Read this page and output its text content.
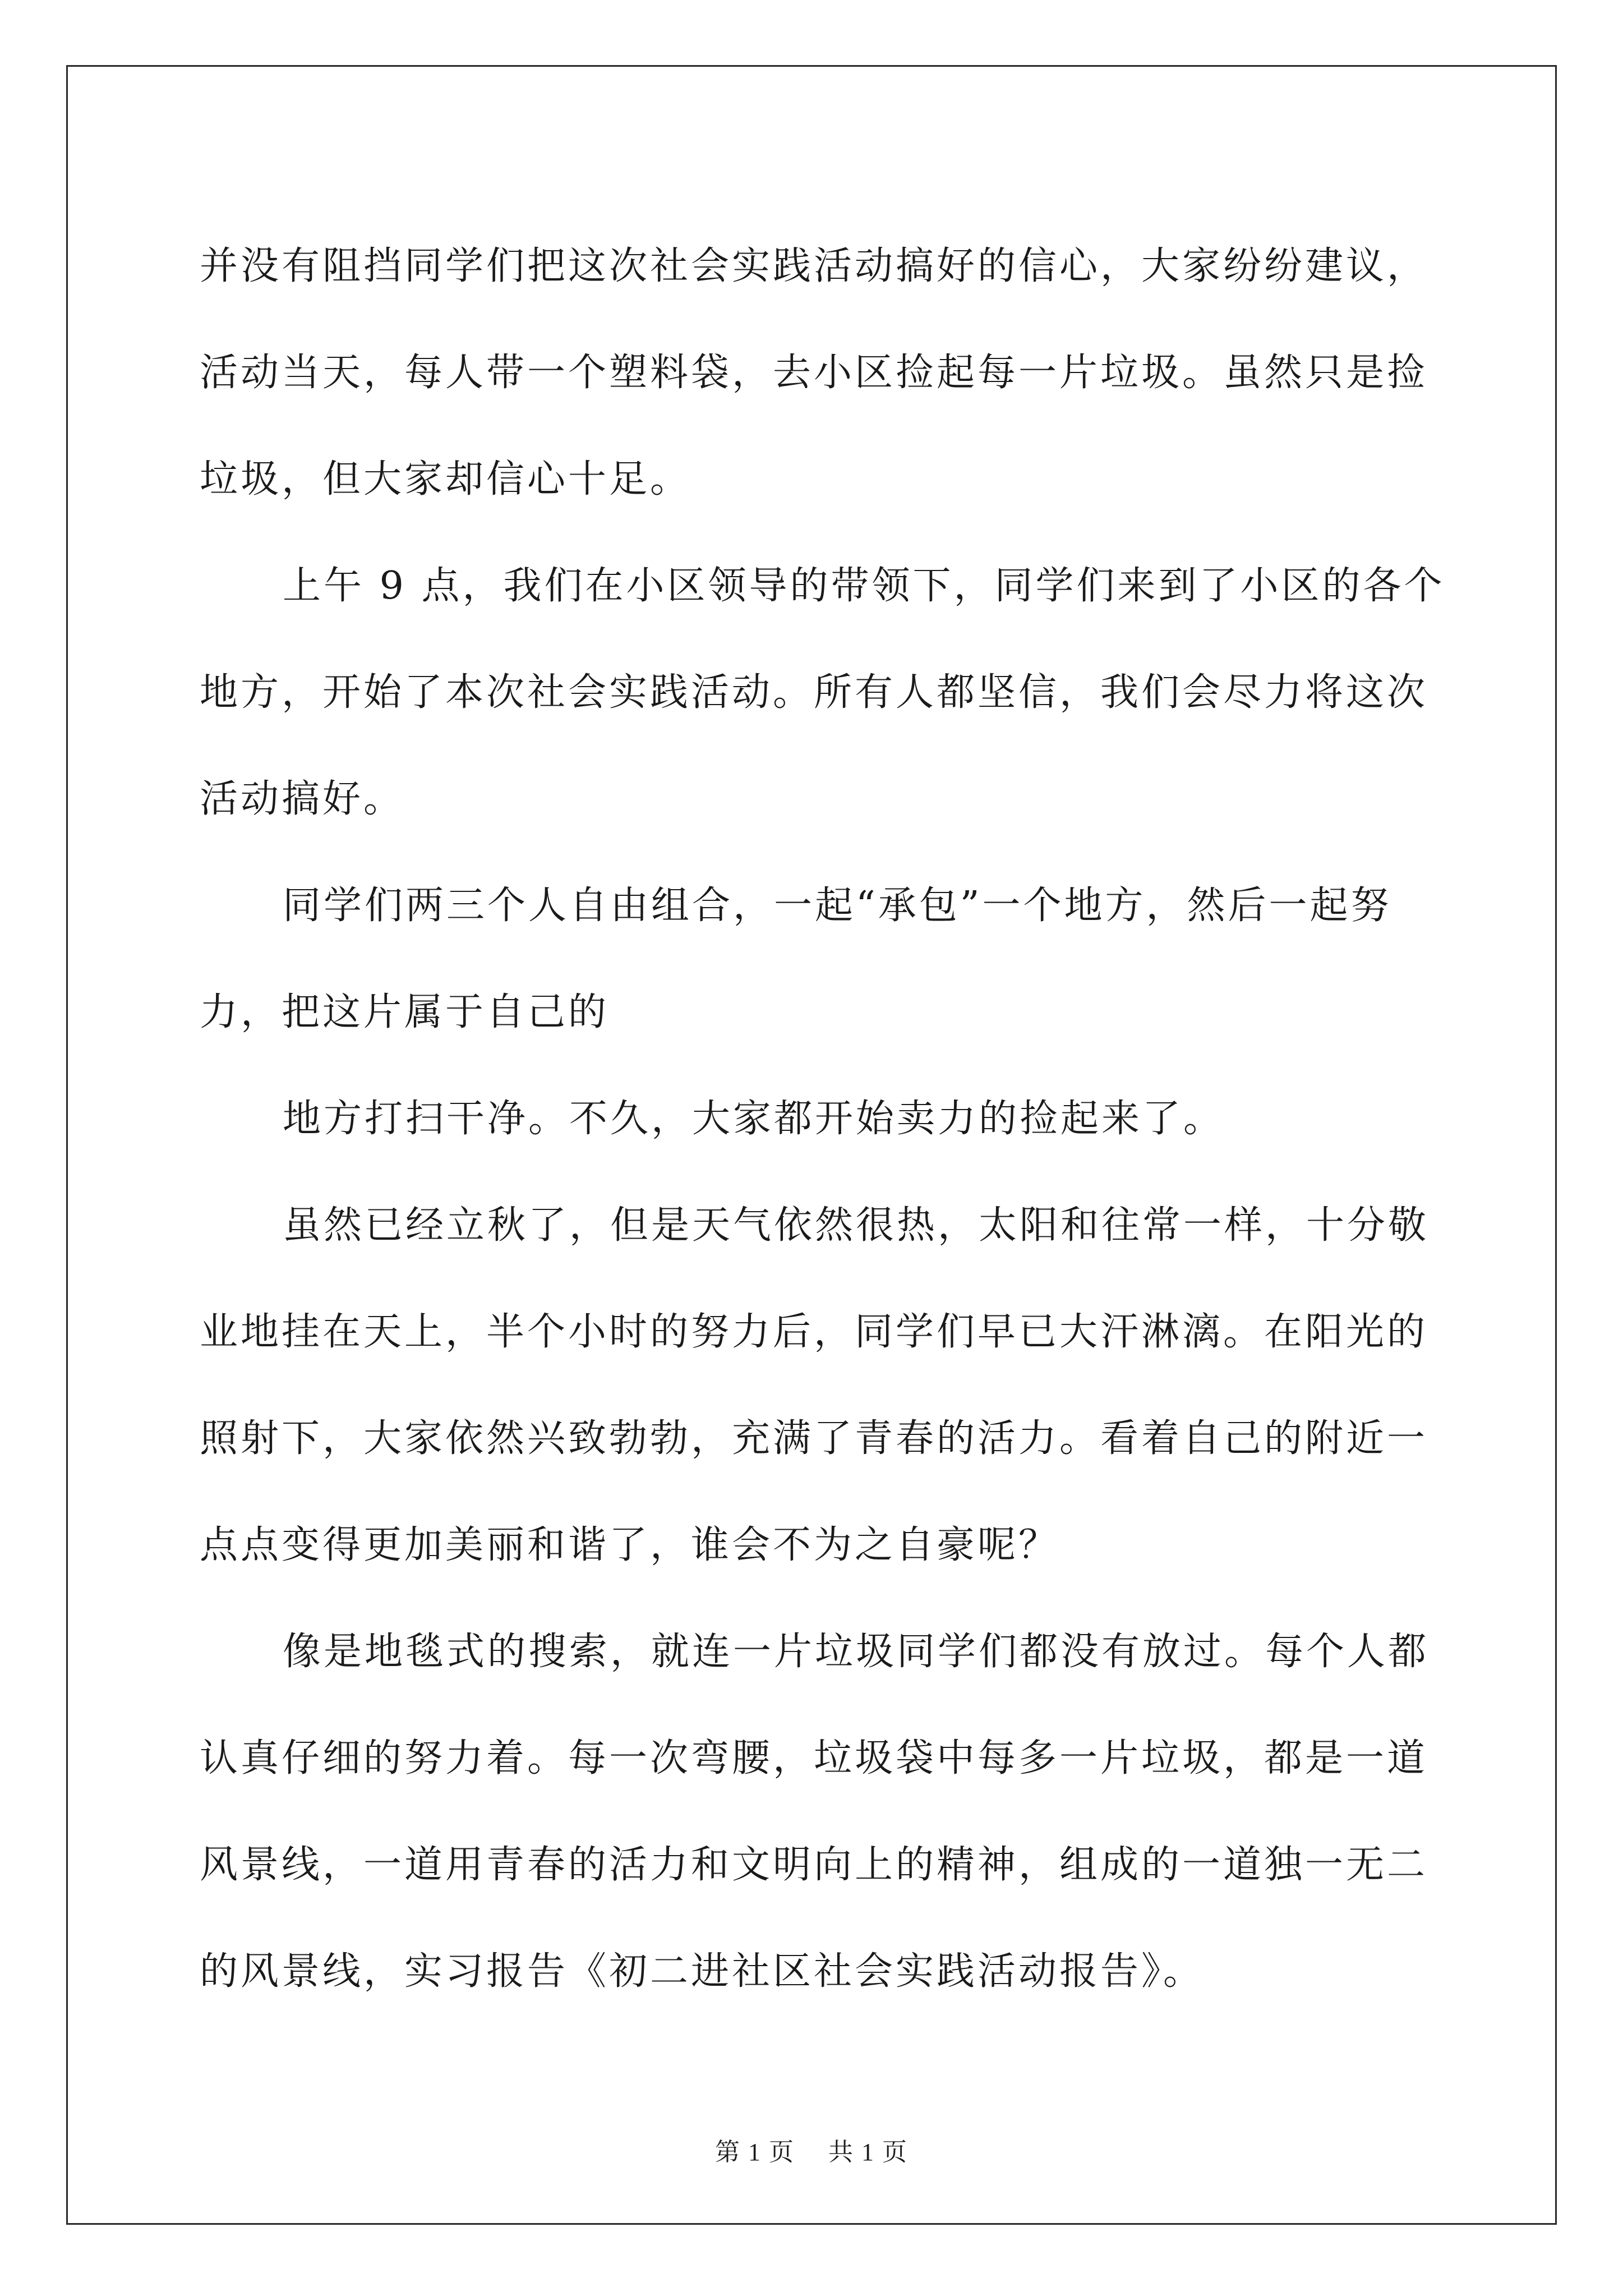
并没有阻挡同学们把这次社会实践活动搞好的信心，大家纷纷建议，
活动当天，每人带一个塑料袋，去小区捡起每一片垃圾。虽然只是捡
垃圾，但大家却信心十足。
上午 9 点，我们在小区领导的带领下，同学们来到了小区的各个
地方，开始了本次社会实践活动。所有人都坚信，我们会尽力将这次
活动搞好。
同学们两三个人自由组合，一起“承包”一个地方，然后一起努
力，把这片属于自己的
地方打扫干净。不久，大家都开始卖力的捡起来了。
虽然已经立秋了，但是天气依然很热，太阳和往常一样，十分敬
业地挂在天上，半个小时的努力后，同学们早已大汗淋漓。在阳光的
照射下，大家依然兴致勃勃，充满了青春的活力。看着自己的附近一
点点变得更加美丽和谐了，谁会不为之自豪呢？
像是地毯式的搜索，就连一片垃圾同学们都没有放过。每个人都
认真仔细的努力着。每一次弯腰，垃圾袋中每多一片垃圾，都是一道
风景线，一道用青春的活力和文明向上的精神，组成的一道独一无二
的风景线，实习报告《初二进社区社会实践活动报告》。
第 1 页 共 1 页
